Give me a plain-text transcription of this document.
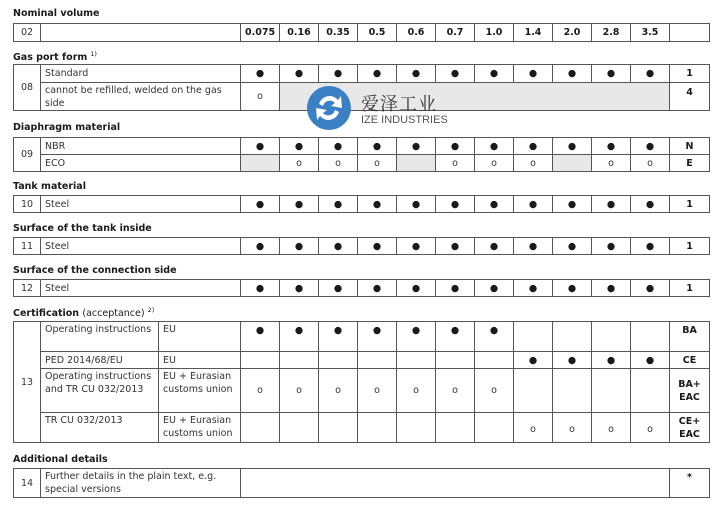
Nominal volume
02		0.075	0.16	0.35	0.5	0.6	0.7	1.0	1.4	2.0	2.8	3.5	
Gas port form $^{1)}$
08	Standard	●	●	●	●	●	●	●	●	●	●	●	1
	cannot be refilled, welded on the gas side	o											4
Diaphragm material
09	NBR	●	●	●	●	●	●	●	●	●	●	●	N
	ECO		o	o	o		o	o	o		o	o	E
Tank material
10	Steel	●	●	●	●	●	●	●	●	●	●	●	1
Surface of the tank inside
11	Steel	●	●	●	●	●	●	●	●	●	●	●	1
Surface of the connection side
12	Steel	●	●	●	●	●	●	●	●	●	●	●	1
Certification (acceptance) $^{2)}$
13	Operating instructions	EU	●	●	●	●	●	●	●					BA
	PED 2014/68/EU	EU								●	●	●	●	CE
	Operating instructions and TR CU 032/2013	EU + Eurasian customs union	o	o	o	o	o	o	o					BA+ EAC
	TR CU 032/2013	EU + Eurasian customs union								o	o	o	o	CE+ EAC
Additional details
14	Further details in the plain text, e.g. special versions		*
爱泽工业
IZE INDUSTRIES
